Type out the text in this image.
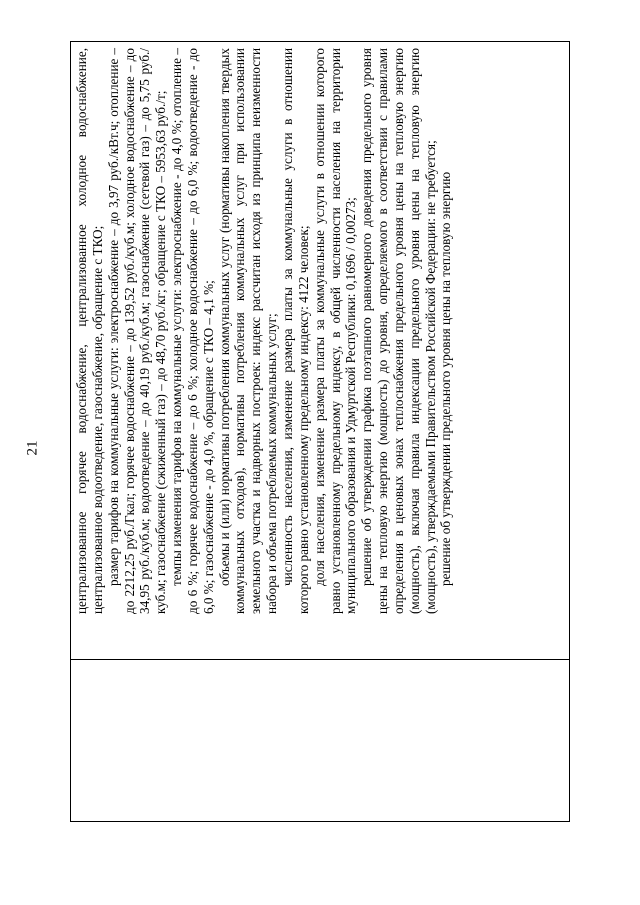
21	централизованное горячее водоснабжение, централизованное холодное водоснабжение, централизованное водоотведение, газоснабжение, обращение с ТКО; размер тарифов на коммунальные услуги: электроснабжение – до 3,97 руб./кВт.ч; отопление – до 2212,25 руб./Гкал; горячее водоснабжение – до 139,52 руб./куб.м; холодное водоснабжение – до 34,95 руб./куб.м; водоотведение – до 40,19 руб./куб.м; газоснабжение (сетевой газ) – до 5,75 руб./куб.м; газоснабжение (сжиженный газ) – до 48,70 руб./кг; обращение с ТКО – 5953,63 руб./т; темпы изменения тарифов на коммунальные услуги: электроснабжение - до 4,0 %; отопление – до 6 %; горячее водоснабжение – до 6 %; холодное водоснабжение – до 6,0 %; водоотведение - до 6,0 %; газоснабжение - до 4,0 %, обращение с ТКО – 4,1 %; объемы и (или) нормативы потребления коммунальных услуг (нормативы накопления твердых коммунальных отходов), нормативы потребления коммунальных услуг при использовании земельного участка и надворных построек: индекс рассчитан исходя из принципа неизменности набора и объема потребляемых коммунальных услуг; численность населения, изменение размера платы за коммунальные услуги в отношении которого равно установленному предельному индексу: 4122 человек; доля населения, изменение размера платы за коммунальные услуги в отношении которого равно установленному предельному индексу, в общей численности населения на территории муниципального образования и Удмуртской Республики: 0,1696 / 0,00273; решение об утверждении графика поэтапного равномерного доведения предельного уровня цены на тепловую энергию (мощность) до уровня, определяемого в соответствии с правилами определения в ценовых зонах теплоснабжения предельного уровня цены на тепловую энергию (мощность), включая правила индексации предельного уровня цены на тепловую энергию (мощность), утверждаемыми Правительством Российской Федерации: не требуется; решение об утверждении предельного уровня цены на тепловую энергию
